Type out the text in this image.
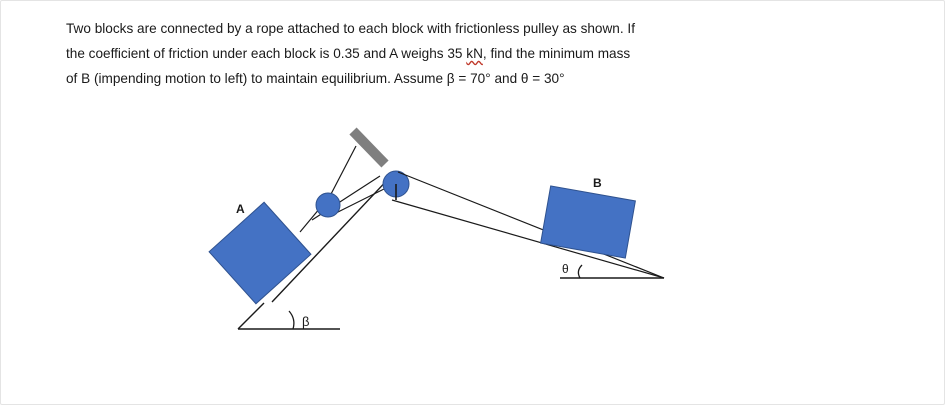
Two blocks are connected by a rope attached to each block with frictionless pulley as shown. If
the coefficient of friction under each block is 0.35 and A weighs 35 kN, find the minimum mass
of B (impending motion to left) to maintain equilibrium. Assume β = 70° and θ = 30°

β
A
B
θ
